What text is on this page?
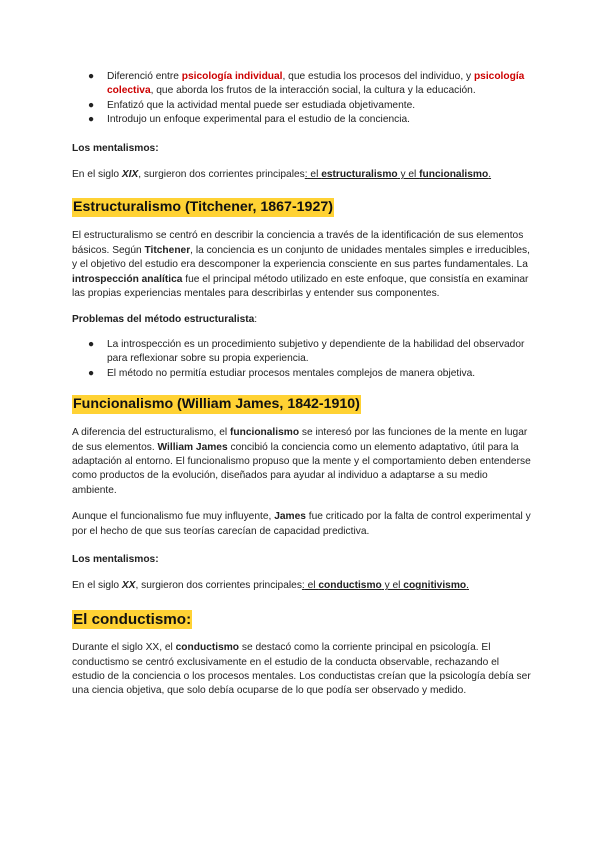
● Diferenció entre psicología individual, que estudia los procesos del individuo, y psicología colectiva, que aborda los frutos de la interacción social, la cultura y la educación.
● Enfatizó que la actividad mental puede ser estudiada objetivamente.
● Introdujo un enfoque experimental para el estudio de la conciencia.

Los mentalismos:

En el siglo XIX, surgieron dos corrientes principales: el estructuralismo y el funcionalismo.

Estructuralismo (Titchener, 1867-1927)

El estructuralismo se centró en describir la conciencia a través de la identificación de sus elementos básicos. Según Titchener, la conciencia es un conjunto de unidades mentales simples e irreducibles, y el objetivo del estudio era descomponer la experiencia consciente en sus partes fundamentales. La introspección analítica fue el principal método utilizado en este enfoque, que consistía en examinar las propias experiencias mentales para describirlas y entender sus componentes.

Problemas del método estructuralista:

● La introspección es un procedimiento subjetivo y dependiente de la habilidad del observador para reflexionar sobre su propia experiencia.
● El método no permitía estudiar procesos mentales complejos de manera objetiva.
Funcionalismo (William James, 1842-1910)

A diferencia del estructuralismo, el funcionalismo se interesó por las funciones de la mente en lugar de sus elementos. William James concibió la conciencia como un elemento adaptativo, útil para la adaptación al entorno. El funcionalismo propuso que la mente y el comportamiento deben entenderse como productos de la evolución, diseñados para ayudar al individuo a adaptarse a su medio ambiente.

Aunque el funcionalismo fue muy influyente, James fue criticado por la falta de control experimental y por el hecho de que sus teorías carecían de capacidad predictiva.

Los mentalismos:

En el siglo XX, surgieron dos corrientes principales: el conductismo y el cognitivismo.

El conductismo:

Durante el siglo XX, el conductismo se destacó como la corriente principal en psicología. El conductismo se centró exclusivamente en el estudio de la conducta observable, rechazando el estudio de la conciencia o los procesos mentales. Los conductistas creían que la psicología debía ser una ciencia objetiva, que solo debía ocuparse de lo que podía ser observado y medido.
